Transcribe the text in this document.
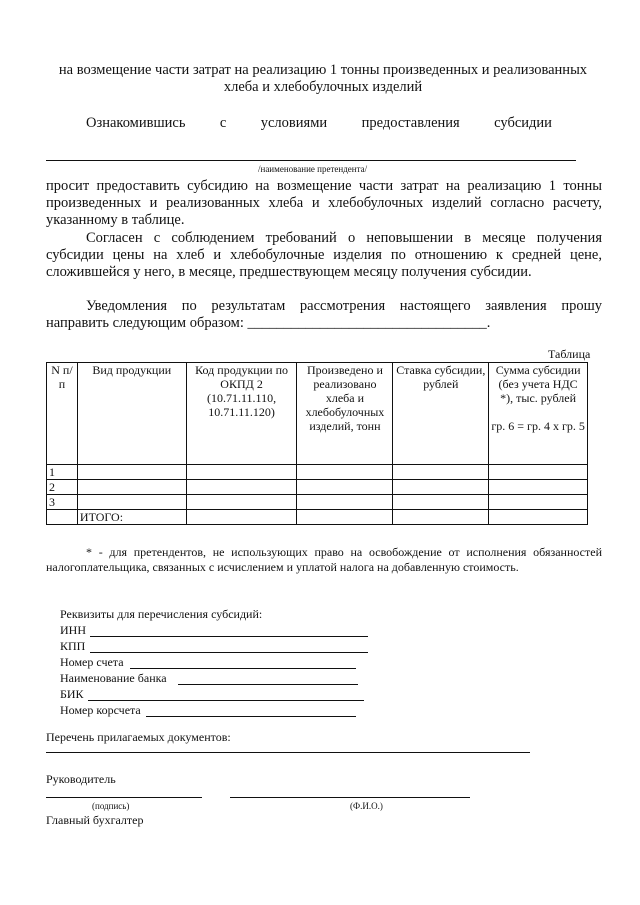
на возмещение части затрат на реализацию 1 тонны произведенных и реализованных хлеба и хлебобулочных изделий
Ознакомившись с условиями предоставления субсидии
/наименование претендента/

просит предоставить субсидию на возмещение части затрат на реализацию 1 тонны произведенных и реализованных хлеба и хлебобулочных изделий согласно расчету, указанному в таблице.

Согласен с соблюдением требований о неповышении в месяце получения субсидии цены на хлеб и хлебобулочные изделия по отношению к средней цене, сложившейся у него, в месяце, предшествующем месяцу получения субсидии.

Уведомления по результатам рассмотрения настоящего заявления прошу направить следующим образом: _________________________________.

Таблица
N п/п	Вид продукции	Код продукции по ОКПД 2 (10.71.11.110, 10.71.11.120)	Произведено и реализовано хлеба и хлебобулочных изделий, тонн	Ставка субсидии, рублей	Сумма субсидии (без учета НДС *), тыс. рублей
гр. 6 = гр. 4 x гр. 5

1					
2					
3					
	ИТОГО:				
* - для претендентов, не использующих право на освобождение от исполнения обязанностей налогоплательщика, связанных с исчислением и уплатой налога на добавленную стоимость.
Реквизиты для перечисления субсидий:
ИНН
КПП
Номер счета
Наименование банка
БИК
Номер корсчета
Перечень прилагаемых документов:
Руководитель
(подпись)	(Ф.И.О.)
Главный бухгалтер
